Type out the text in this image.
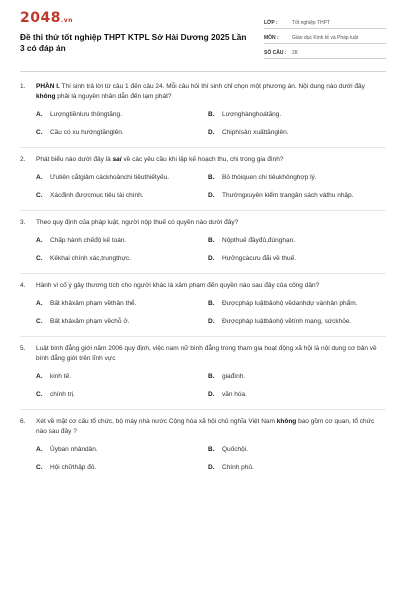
2048.vn
Đề thi thử tốt nghiệp THPT KTPL Sở Hải Dương 2025 Lần 3 có đáp án
LỚP :	Tốt nghiệp THPT
MÔN :	Giáo dục Kinh tế và Pháp luật
SỐ CÂU :	28
1.	PHẦN I. Thí sinh trả lời từ câu 1 đến câu 24. Mỗi câu hỏi thí sinh chỉ chọn một phương án. Nội dung nào dưới đây không phải là nguyên nhân dẫn đến lạm phát?
A.	Lượngtiềnlưu thôngtăng.	B.	Lượnghànghoátăng.
C.	Cầu có xu hướngtănglên.	D.	Chiphísản xuấttănglên.
2.	Phát biểu nào dưới đây là sai về các yêu cầu khi lập kế hoạch thu, chi trong gia đình?
A.	Ưutiên cắtgiảm cáckhoảnchi tiêuthiếtyếu.	B.	Bỏ thóiquen chi tiêukhônghợp lý.
C.	Xácđịnh đượcmục tiêu tài chính.	D.	Thườngxuyên kiểm trangân sách vàthu nhập.
3.	Theo quy định của pháp luật, người nộp thuế có quyền nào dưới đây?
A.	Chấp hành chếđộ kế toán.	B.	Nộpthuế đầyđủ,đúnghạn.
C.	Kêkhai chính xác,trungthực.	D.	Hưởngcácưu đãi về thuế.
4.	Hành vi cố ý gây thương tích cho người khác là xâm phạm đến quyền nào sau đây của công dân?
A.	Bất khảxâm phạm vềthân thể.	B.	Đượcpháp luậtbảohộ vềdanhdự vànhân phẩm.
C.	Bất khảxâm phạm vềchỗ ở.	D.	Đượcpháp luậtbảohộ vềtính mạng, sứckhỏe.
5.	Luật bình đẳng giới năm 2006 quy định, việc nam nữ bình đẳng trong tham gia hoạt động xã hội là nội dung cơ bản về bình đẳng giới trên lĩnh vực
A.	kinh tế.	B.	giađình.
C.	chính trị.	D.	văn hóa.
6.	Xét về mặt cơ cấu tổ chức, bộ máy nhà nước Cộng hòa xã hội chủ nghĩa Việt Nam không bao gồm cơ quan, tổ chức nào sau đây ?
A.	Ủyban nhândân.	B.	Quốchội.
C.	Hội chữthập đỏ.	D.	Chính phủ.
